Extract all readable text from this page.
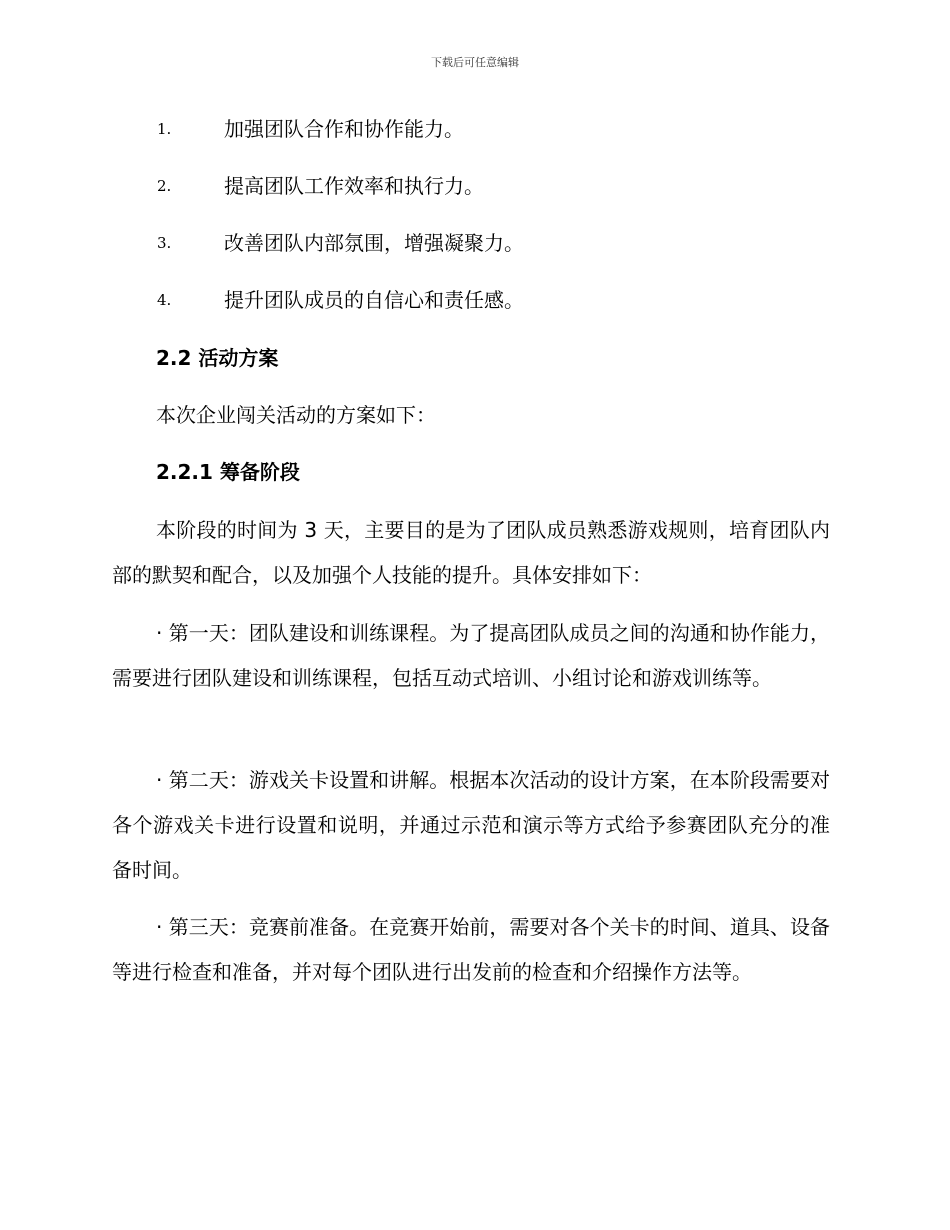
下载后可任意编辑
1.	加强团队合作和协作能力。
2.	提高团队工作效率和执行力。
3.	改善团队内部氛围，增强凝聚力。
4.	提升团队成员的自信心和责任感。
2.2 活动方案
本次企业闯关活动的方案如下：
2.2.1 筹备阶段

本阶段的时间为 3 天，主要目的是为了团队成员熟悉游戏规则，培育团队内部的默契和配合，以及加强个人技能的提升。具体安排如下：

· 第一天：团队建设和训练课程。为了提高团队成员之间的沟通和协作能力，需要进行团队建设和训练课程，包括互动式培训、小组讨论和游戏训练等。

· 第二天：游戏关卡设置和讲解。根据本次活动的设计方案，在本阶段需要对各个游戏关卡进行设置和说明，并通过示范和演示等方式给予参赛团队充分的准备时间。

· 第三天：竞赛前准备。在竞赛开始前，需要对各个关卡的时间、道具、设备等进行检查和准备，并对每个团队进行出发前的检查和介绍操作方法等。
